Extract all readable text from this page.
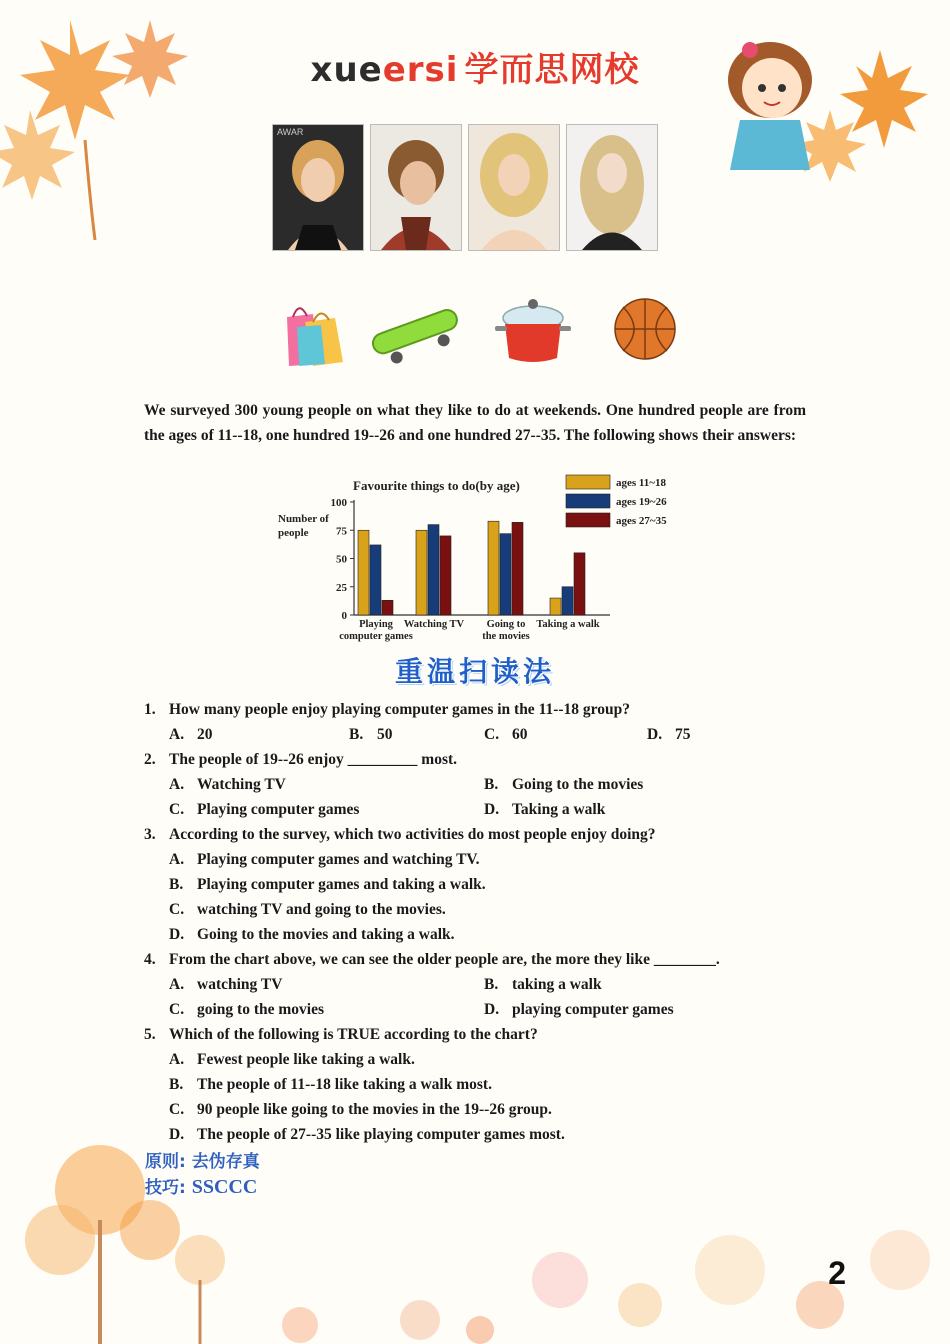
xueersi 学而思网校
AWAR
We surveyed 300 young people on what they like to do at weekends. One hundred people are from the ages of 11--18, one hundred 19--26 and one hundred 27--35. The following shows their answers:
Favourite things to do(by age)
Number of
people
0
25
50
75
100
Playing
computer games
Watching TV Going to
the movies
Taking a walk
ages 11~18
ages 19~26
ages 27~35
重温扫读法
1. How many people enjoy playing computer games in the 11--18 group?
A. 20	B. 50	C. 60	D. 75
2. The people of 19--26 enjoy _________ most.
A. Watching TV	B. Going to the movies
C. Playing computer games	D. Taking a walk
3. According to the survey, which two activities do most people enjoy doing?
A. Playing computer games and watching TV.
B. Playing computer games and taking a walk.
C. watching TV and going to the movies.
D. Going to the movies and taking a walk.
4. From the chart above, we can see the older people are, the more they like ________.
A. watching TV	B. taking a walk
C. going to the movies	D. playing computer games
5. Which of the following is TRUE according to the chart?
A. Fewest people like taking a walk.
B. The people of 11--18 like taking a walk most.
C. 90 people like going to the movies in the 19--26 group.
D. The people of 27--35 like playing computer games most.
原则: 去伪存真
技巧: SSCCC
2
